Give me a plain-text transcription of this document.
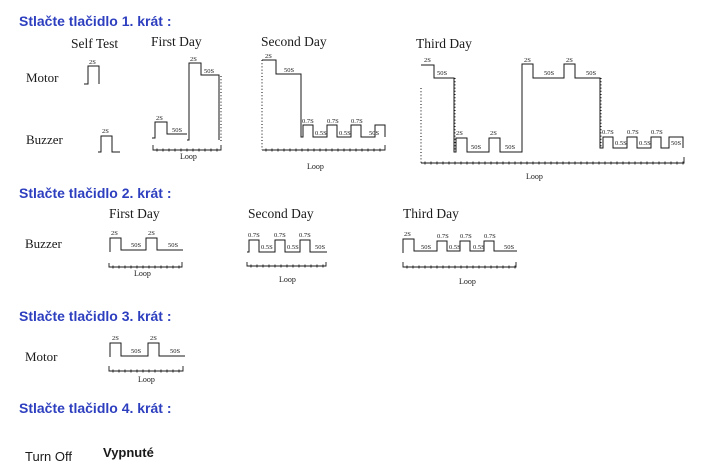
Stlačte tlačidlo 1. krát :
Self Test First Day	Second Day	Third Day
Motor
Buzzer
2S
2S
2S
50S
2S
50S
Loop
2S
50S
0.7S
0.5S
0.7S
0.5S
0.7S
50S
Loop
2S
50S
2S
50S
2S
50S
2S
50S
2S
50S
0.7S
0.5S
0.7S
0.5S
0.7S
50S
Loop
Stlačte tlačidlo 2. krát :
First Day	Second Day	Third Day
Buzzer
2S
50S
2S
50S
Loop
0.7S
0.5S
0.7S
0.5S
0.7S
50S
Loop
2S
50S
0.7S
0.5S
0.7S
0.5S
0.7S
50S
Loop
Stlačte tlačidlo 3. krát :
Motor
2S
50S
2S
50S
Loop
Stlačte tlačidlo 4. krát :
Turn Off Vypnuté
